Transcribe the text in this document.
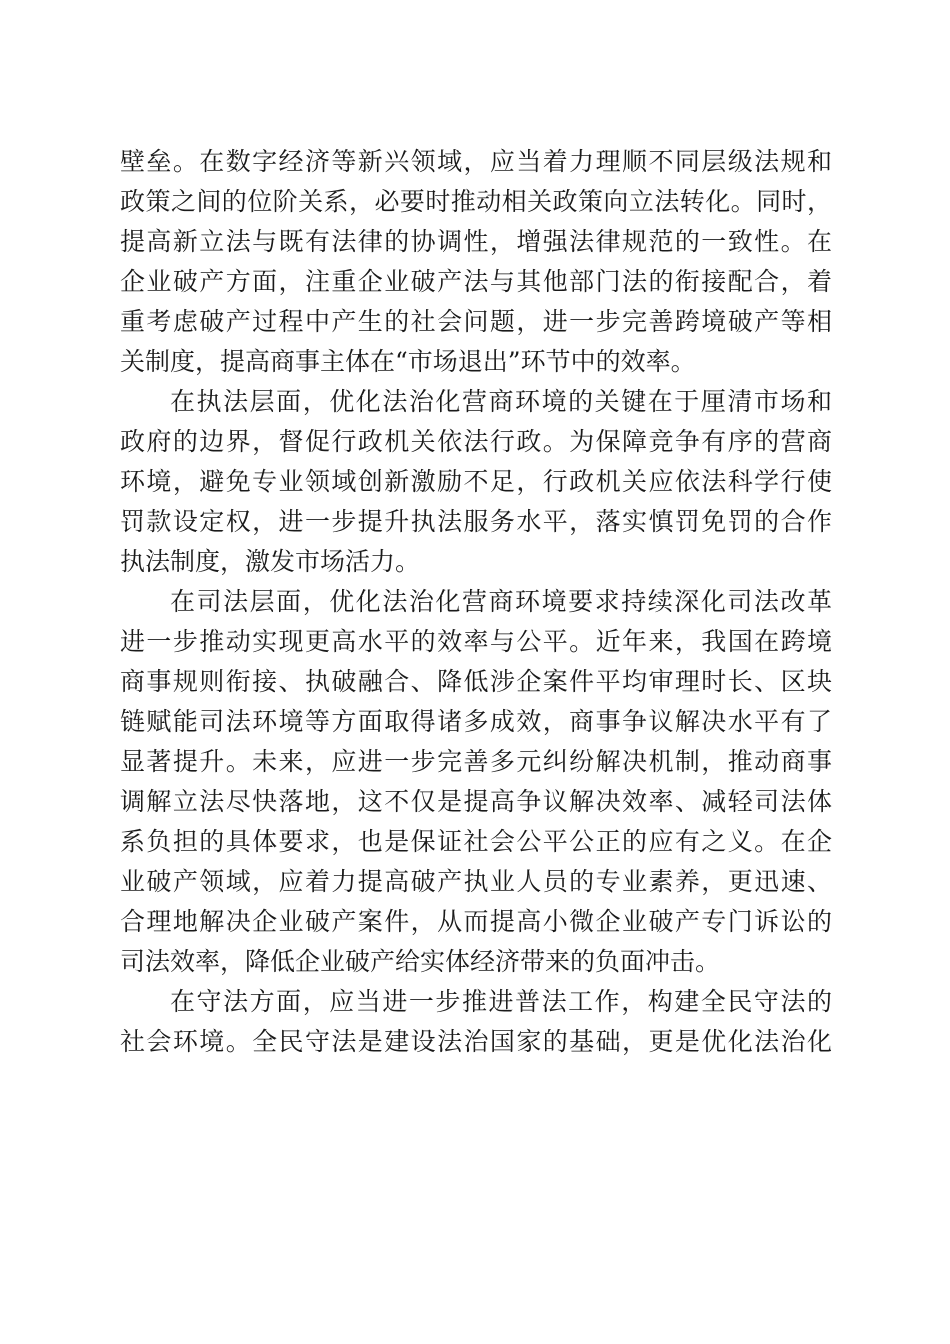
壁垒。在数字经济等新兴领域，应当着力理顺不同层级法规和
政策之间的位阶关系，必要时推动相关政策向立法转化。同时，
提高新立法与既有法律的协调性，增强法律规范的一致性。在
企业破产方面，注重企业破产法与其他部门法的衔接配合，着
重考虑破产过程中产生的社会问题，进一步完善跨境破产等相
关制度，提高商事主体在“市场退出”环节中的效率。
在执法层面，优化法治化营商环境的关键在于厘清市场和
政府的边界，督促行政机关依法行政。为保障竞争有序的营商
环境，避免专业领域创新激励不足，行政机关应依法科学行使
罚款设定权，进一步提升执法服务水平，落实慎罚免罚的合作
执法制度，激发市场活力。
在司法层面，优化法治化营商环境要求持续深化司法改革
进一步推动实现更高水平的效率与公平。近年来，我国在跨境
商事规则衔接、执破融合、降低涉企案件平均审理时长、区块
链赋能司法环境等方面取得诸多成效，商事争议解决水平有了
显著提升。未来，应进一步完善多元纠纷解决机制，推动商事
调解立法尽快落地，这不仅是提高争议解决效率、减轻司法体
系负担的具体要求，也是保证社会公平公正的应有之义。在企
业破产领域，应着力提高破产执业人员的专业素养，更迅速、
合理地解决企业破产案件，从而提高小微企业破产专门诉讼的
司法效率，降低企业破产给实体经济带来的负面冲击。
在守法方面，应当进一步推进普法工作，构建全民守法的
社会环境。全民守法是建设法治国家的基础，更是优化法治化
